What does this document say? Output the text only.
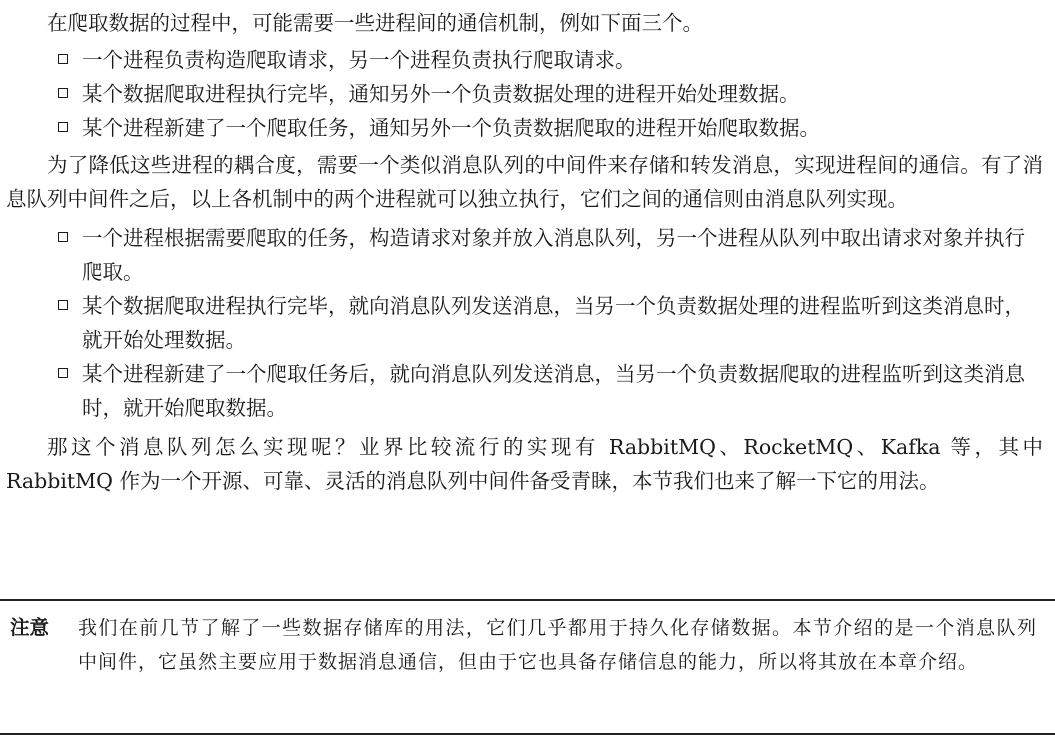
在爬取数据的过程中，可能需要一些进程间的通信机制，例如下面三个。

一个进程负责构造爬取请求，另一个进程负责执行爬取请求。
某个数据爬取进程执行完毕，通知另外一个负责数据处理的进程开始处理数据。
某个进程新建了一个爬取任务，通知另外一个负责数据爬取的进程开始爬取数据。

为了降低这些进程的耦合度，需要一个类似消息队列的中间件来存储和转发消息，实现进程间的通信。有了消息队列中间件之后，以上各机制中的两个进程就可以独立执行，它们之间的通信则由消息队列实现。

一个进程根据需要爬取的任务，构造请求对象并放入消息队列，另一个进程从队列中取出请求对象并执行爬取。
某个数据爬取进程执行完毕，就向消息队列发送消息，当另一个负责数据处理的进程监听到这类消息时，就开始处理数据。
某个进程新建了一个爬取任务后，就向消息队列发送消息，当另一个负责数据爬取的进程监听到这类消息时，就开始爬取数据。

那这个消息队列怎么实现呢？业界比较流行的实现有 RabbitMQ、RocketMQ、Kafka 等，其中 RabbitMQ 作为一个开源、可靠、灵活的消息队列中间件备受青睐，本节我们也来了解一下它的用法。

注意 我们在前几节了解了一些数据存储库的用法，它们几乎都用于持久化存储数据。本节介绍的是一个消息队列中间件，它虽然主要应用于数据消息通信，但由于它也具备存储信息的能力，所以将其放在本章介绍。
